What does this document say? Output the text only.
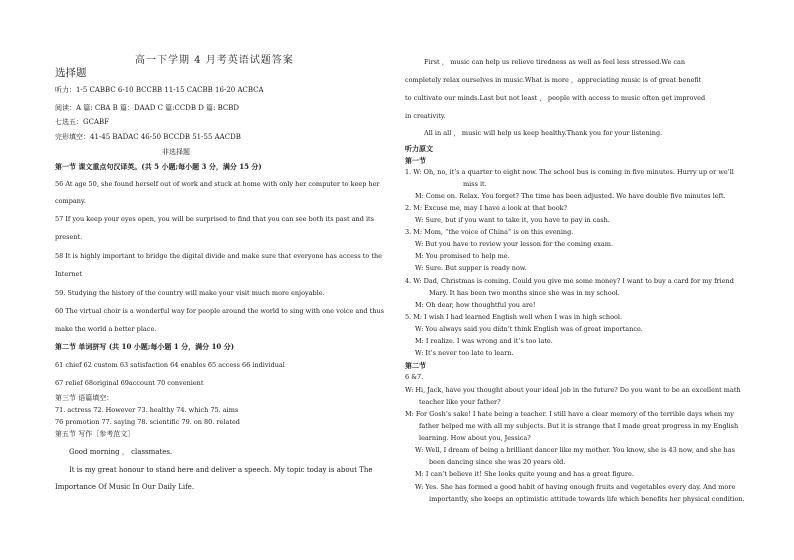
高一下学期 4 月考英语试题答案
选择题
听力：1-5 CABBC 6-10 BCCBB 11-15 CACBB 16-20 ACBCA
阅读：A 篇: CBA B 篇：DAAD C 篇:CCDB D 篇: BCBD
七选五：GCABF
完形填空：41-45 BADAC 46-50 BCCDB 51-55 AACDB
非选择题
第一节 课文重点句汉译英。(共 5 小题;每小题 3 分，满分 15 分)
56 At age 50, she found herself out of work and stuck at home with only her computer to keep her
company.
57 If you keep your eyes open, you will be surprised to find that you can see both its past and its
present.
58 It is highly important to bridge the digital divide and make sure that everyone has access to the
Internet
59. Studying the history of the country will make your visit much more enjoyable.
60 The virtual choir is a wonderful way for people around the world to sing with one voice and thus
make the world a better place.
第二节 单词拼写 (共 10 小题;每小题 1 分，满分 10 分)
61 chief 62 custom 63 satisfaction 64 enables 65 access 66 individual
67 relief 68original 69account 70 convenient
第三节 语篇填空：
71. actress 72. However 73. healthy 74. which 75. aims
76 promotion 77. saying 78. scientific 79. on 80. related
第五节 写作［参考范文］
Good morning ， classmates.
It is my great honour to stand here and deliver a speech. My topic today is about The
Importance Of Music In Our Daily Life.
First ， music can help us relieve tiredness as well as feel less stressed.We can
completely relax ourselves in music.What is more ，appreciating music is of great benefit
to cultivate our minds.Last but not least ， people with access to music often get improved
in creativity.
All in all ， music will help us keep healthy.Thank you for your listening.
听力原文
第一节
1. W: Oh, no, it’s a quarter to eight now. The school bus is coming in five minutes. Hurry up or we’ll
miss it.
M: Come on. Relax. You forget? The time has been adjusted. We have double five minutes left.
2. M: Excuse me, may I have a look at that book?
W: Sure, but if you want to take it, you have to pay in cash.
3. M: Mom, “the voice of China” is on this evening.
W: But you have to review your lesson for the coming exam.
M: You promised to help me.
W: Sure. But supper is ready now.
4. W: Dad, Christmas is coming. Could you give me some money? I want to buy a card for my friend
Mary. It has been two months since she was in my school.
M: Oh dear, how thoughtful you are!
5. M: I wish I had learned English well when I was in high school.
W: You always said you didn’t think English was of great importance.
M: I realize. I was wrong and it’s too late.
W: It’s never too late to learn.
第二节
6 &7.
W: Hi, Jack, have you thought about your ideal job in the future? Do you want to be an excellent math
teacher like your father?
M: For Gosh’s sake! I hate being a teacher. I still have a clear memory of the terrible days when my
father helped me with all my subjects. But it is strange that I made great progress in my English
learning. How about you, Jessica?
W: Well, I dream of being a brilliant dancer like my mother. You know, she is 43 now, and she has
been dancing since she was 20 years old.
M: I can’t believe it! She looks quite young and has a great figure.
W: Yes. She has formed a good habit of having enough fruits and vegetables every day. And more
importantly, she keeps an optimistic attitude towards life which benefits her physical condition.
